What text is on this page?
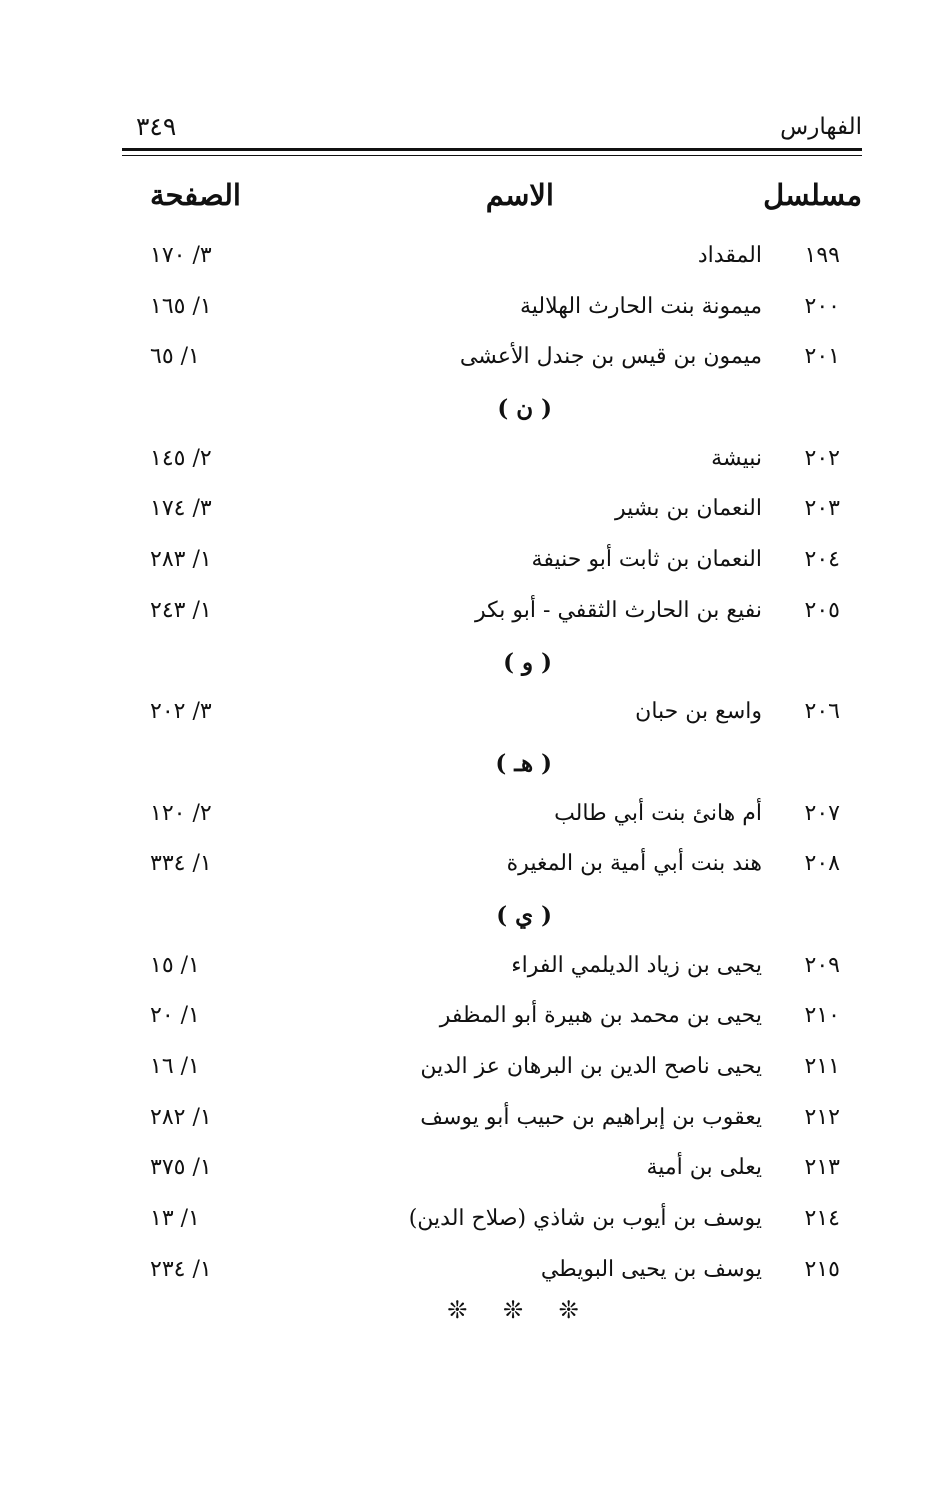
الفهارس
٣٤٩
مسلسل
الاسم
الصفحة
١٩٩
المقداد
٣/ ١٧٠
٢٠٠
ميمونة بنت الحارث الهلالية
١/ ١٦٥
٢٠١
ميمون بن قيس بن جندل الأعشى
١/ ٦٥
( ن )
٢٠٢
نبيشة
٢/ ١٤٥
٢٠٣
النعمان بن بشير
٣/ ١٧٤
٢٠٤
النعمان بن ثابت أبو حنيفة
١/ ٢٨٣
٢٠٥
نفيع بن الحارث الثقفي - أبو بكر
١/ ٢٤٣
( و )
٢٠٦
واسع بن حبان
٣/ ٢٠٢
( هـ )
٢٠٧
أم هانئ بنت أبي طالب
٢/ ١٢٠
٢٠٨
هند بنت أبي أمية بن المغيرة
١/ ٣٣٤
( ي )
٢٠٩
يحيى بن زياد الديلمي الفراء
١/ ١٥
٢١٠
يحيى بن محمد بن هبيرة أبو المظفر
١/ ٢٠
٢١١
يحيى ناصح الدين بن البرهان عز الدين
١/ ١٦
٢١٢
يعقوب بن إبراهيم بن حبيب أبو يوسف
١/ ٢٨٢
٢١٣
يعلى بن أمية
١/ ٣٧٥
٢١٤
يوسف بن أيوب بن شاذي (صلاح الدين)
١/ ١٣
٢١٥
يوسف بن يحيى البويطي
١/ ٢٣٤
❊ ❊ ❊
